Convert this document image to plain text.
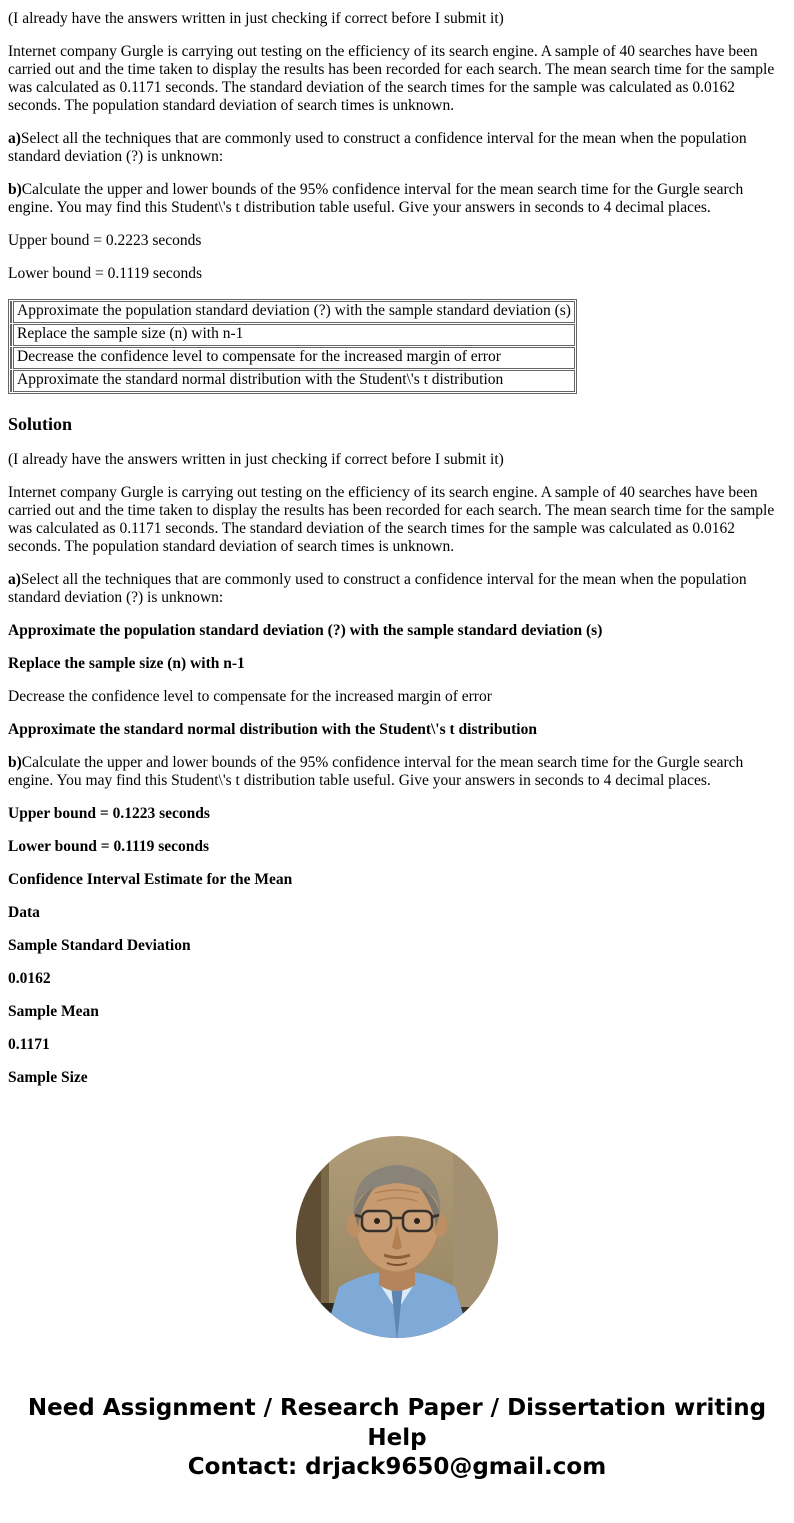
(I already have the answers written in just checking if correct before I submit it)

Internet company Gurgle is carrying out testing on the efficiency of its search engine. A sample of 40 searches have been carried out and the time taken to display the results has been recorded for each search. The mean search time for the sample was calculated as 0.1171 seconds. The standard deviation of the search times for the sample was calculated as 0.0162 seconds. The population standard deviation of search times is unknown.

a)Select all the techniques that are commonly used to construct a confidence interval for the mean when the population standard deviation (?) is unknown:

b)Calculate the upper and lower bounds of the 95% confidence interval for the mean search time for the Gurgle search engine. You may find this Student\'s t distribution table useful. Give your answers in seconds to 4 decimal places.

Upper bound = 0.2223 seconds

Lower bound = 0.1119 seconds

	Approximate the population standard deviation (?) with the sample standard deviation (s)
	Replace the sample size (n) with n-1
	Decrease the confidence level to compensate for the increased margin of error
	Approximate the standard normal distribution with the Student\'s t distribution
Solution

(I already have the answers written in just checking if correct before I submit it)

Internet company Gurgle is carrying out testing on the efficiency of its search engine. A sample of 40 searches have been carried out and the time taken to display the results has been recorded for each search. The mean search time for the sample was calculated as 0.1171 seconds. The standard deviation of the search times for the sample was calculated as 0.0162 seconds. The population standard deviation of search times is unknown.

a)Select all the techniques that are commonly used to construct a confidence interval for the mean when the population standard deviation (?) is unknown:

Approximate the population standard deviation (?) with the sample standard deviation (s)

Replace the sample size (n) with n-1

Decrease the confidence level to compensate for the increased margin of error

Approximate the standard normal distribution with the Student\'s t distribution

b)Calculate the upper and lower bounds of the 95% confidence interval for the mean search time for the Gurgle search engine. You may find this Student\'s t distribution table useful. Give your answers in seconds to 4 decimal places.

Upper bound = 0.1223 seconds

Lower bound = 0.1119 seconds

Confidence Interval Estimate for the Mean

Data

Sample Standard Deviation

0.0162

Sample Mean

0.1171

Sample Size

Need Assignment / Research Paper / Dissertation writing Help
Contact: drjack9650@gmail.com
